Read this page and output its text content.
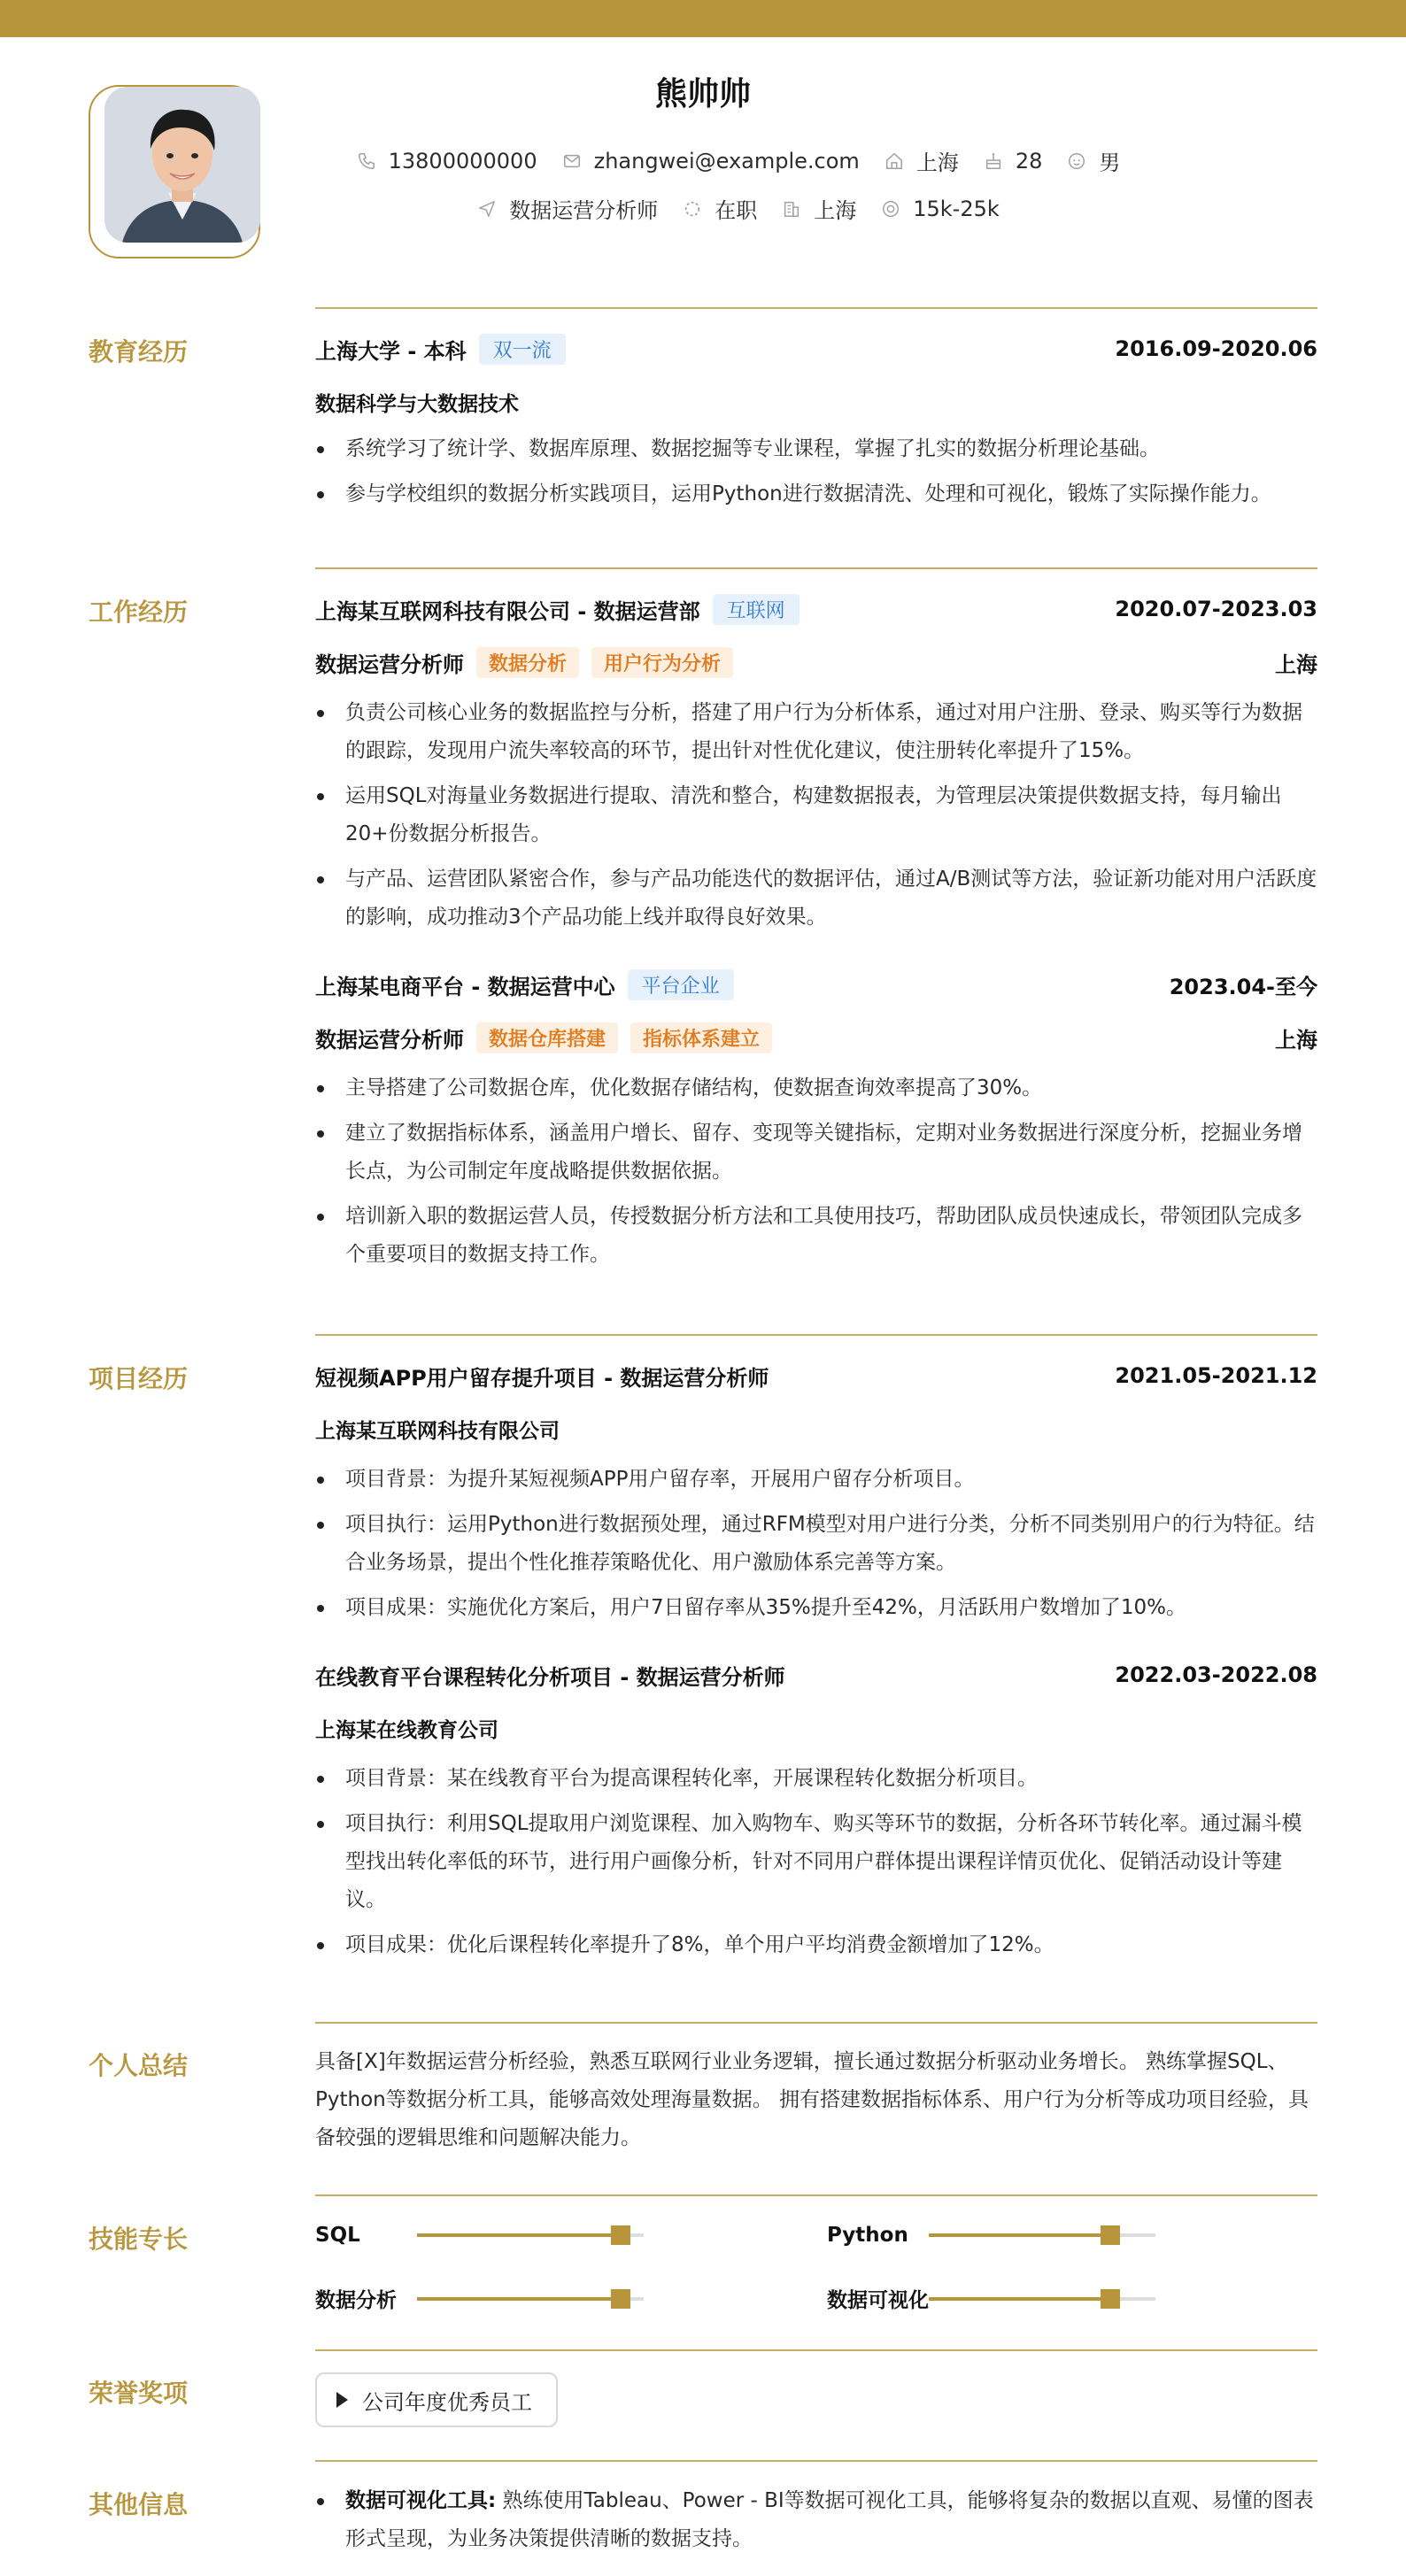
熊帅帅
13800000000	zhangwei@example.com	上海	28	男
数据运营分析师	在职	上海	15k-25k
教育经历	上海大学 - 本科	双一流	2016.09-2020.06
数据科学与大数据技术
系统学习了统计学、数据库原理、数据挖掘等专业课程，掌握了扎实的数据分析理论基础。
参与学校组织的数据分析实践项目，运用Python进行数据清洗、处理和可视化，锻炼了实际操作能力。
工作经历	上海某互联网科技有限公司 - 数据运营部	互联网	2020.07-2023.03
数据运营分析师	数据分析	用户行为分析	上海
负责公司核心业务的数据监控与分析，搭建了用户行为分析体系，通过对用户注册、登录、购买等行为数据的跟踪，发现用户流失率较高的环节，提出针对性优化建议，使注册转化率提升了15%。
运用SQL对海量业务数据进行提取、清洗和整合，构建数据报表，为管理层决策提供数据支持，每月输出20+份数据分析报告。
与产品、运营团队紧密合作，参与产品功能迭代的数据评估，通过A/B测试等方法，验证新功能对用户活跃度的影响，成功推动3个产品功能上线并取得良好效果。
上海某电商平台 - 数据运营中心	平台企业	2023.04-至今
数据运营分析师	数据仓库搭建	指标体系建立	上海
主导搭建了公司数据仓库，优化数据存储结构，使数据查询效率提高了30%。
建立了数据指标体系，涵盖用户增长、留存、变现等关键指标，定期对业务数据进行深度分析，挖掘业务增长点，为公司制定年度战略提供数据依据。
培训新入职的数据运营人员，传授数据分析方法和工具使用技巧，帮助团队成员快速成长，带领团队完成多个重要项目的数据支持工作。
项目经历	短视频APP用户留存提升项目 - 数据运营分析师	2021.05-2021.12
上海某互联网科技有限公司
项目背景：为提升某短视频APP用户留存率，开展用户留存分析项目。
项目执行：运用Python进行数据预处理，通过RFM模型对用户进行分类，分析不同类别用户的行为特征。结合业务场景，提出个性化推荐策略优化、用户激励体系完善等方案。
项目成果：实施优化方案后，用户7日留存率从35%提升至42%，月活跃用户数增加了10%。
在线教育平台课程转化分析项目 - 数据运营分析师	2022.03-2022.08
上海某在线教育公司
项目背景：某在线教育平台为提高课程转化率，开展课程转化数据分析项目。
项目执行：利用SQL提取用户浏览课程、加入购物车、购买等环节的数据，分析各环节转化率。通过漏斗模型找出转化率低的环节，进行用户画像分析，针对不同用户群体提出课程详情页优化、促销活动设计等建议。
项目成果：优化后课程转化率提升了8%，单个用户平均消费金额增加了12%。
个人总结	具备[X]年数据运营分析经验，熟悉互联网行业业务逻辑，擅长通过数据分析驱动业务增长。 熟练掌握SQL、Python等数据分析工具，能够高效处理海量数据。 拥有搭建数据指标体系、用户行为分析等成功项目经验，具备较强的逻辑思维和问题解决能力。
技能专长	SQL	Python
数据分析	数据可视化
荣誉奖项	公司年度优秀员工
其他信息	数据可视化工具: 熟练使用Tableau、Power - BI等数据可视化工具，能够将复杂的数据以直观、易懂的图表形式呈现，为业务决策提供清晰的数据支持。
